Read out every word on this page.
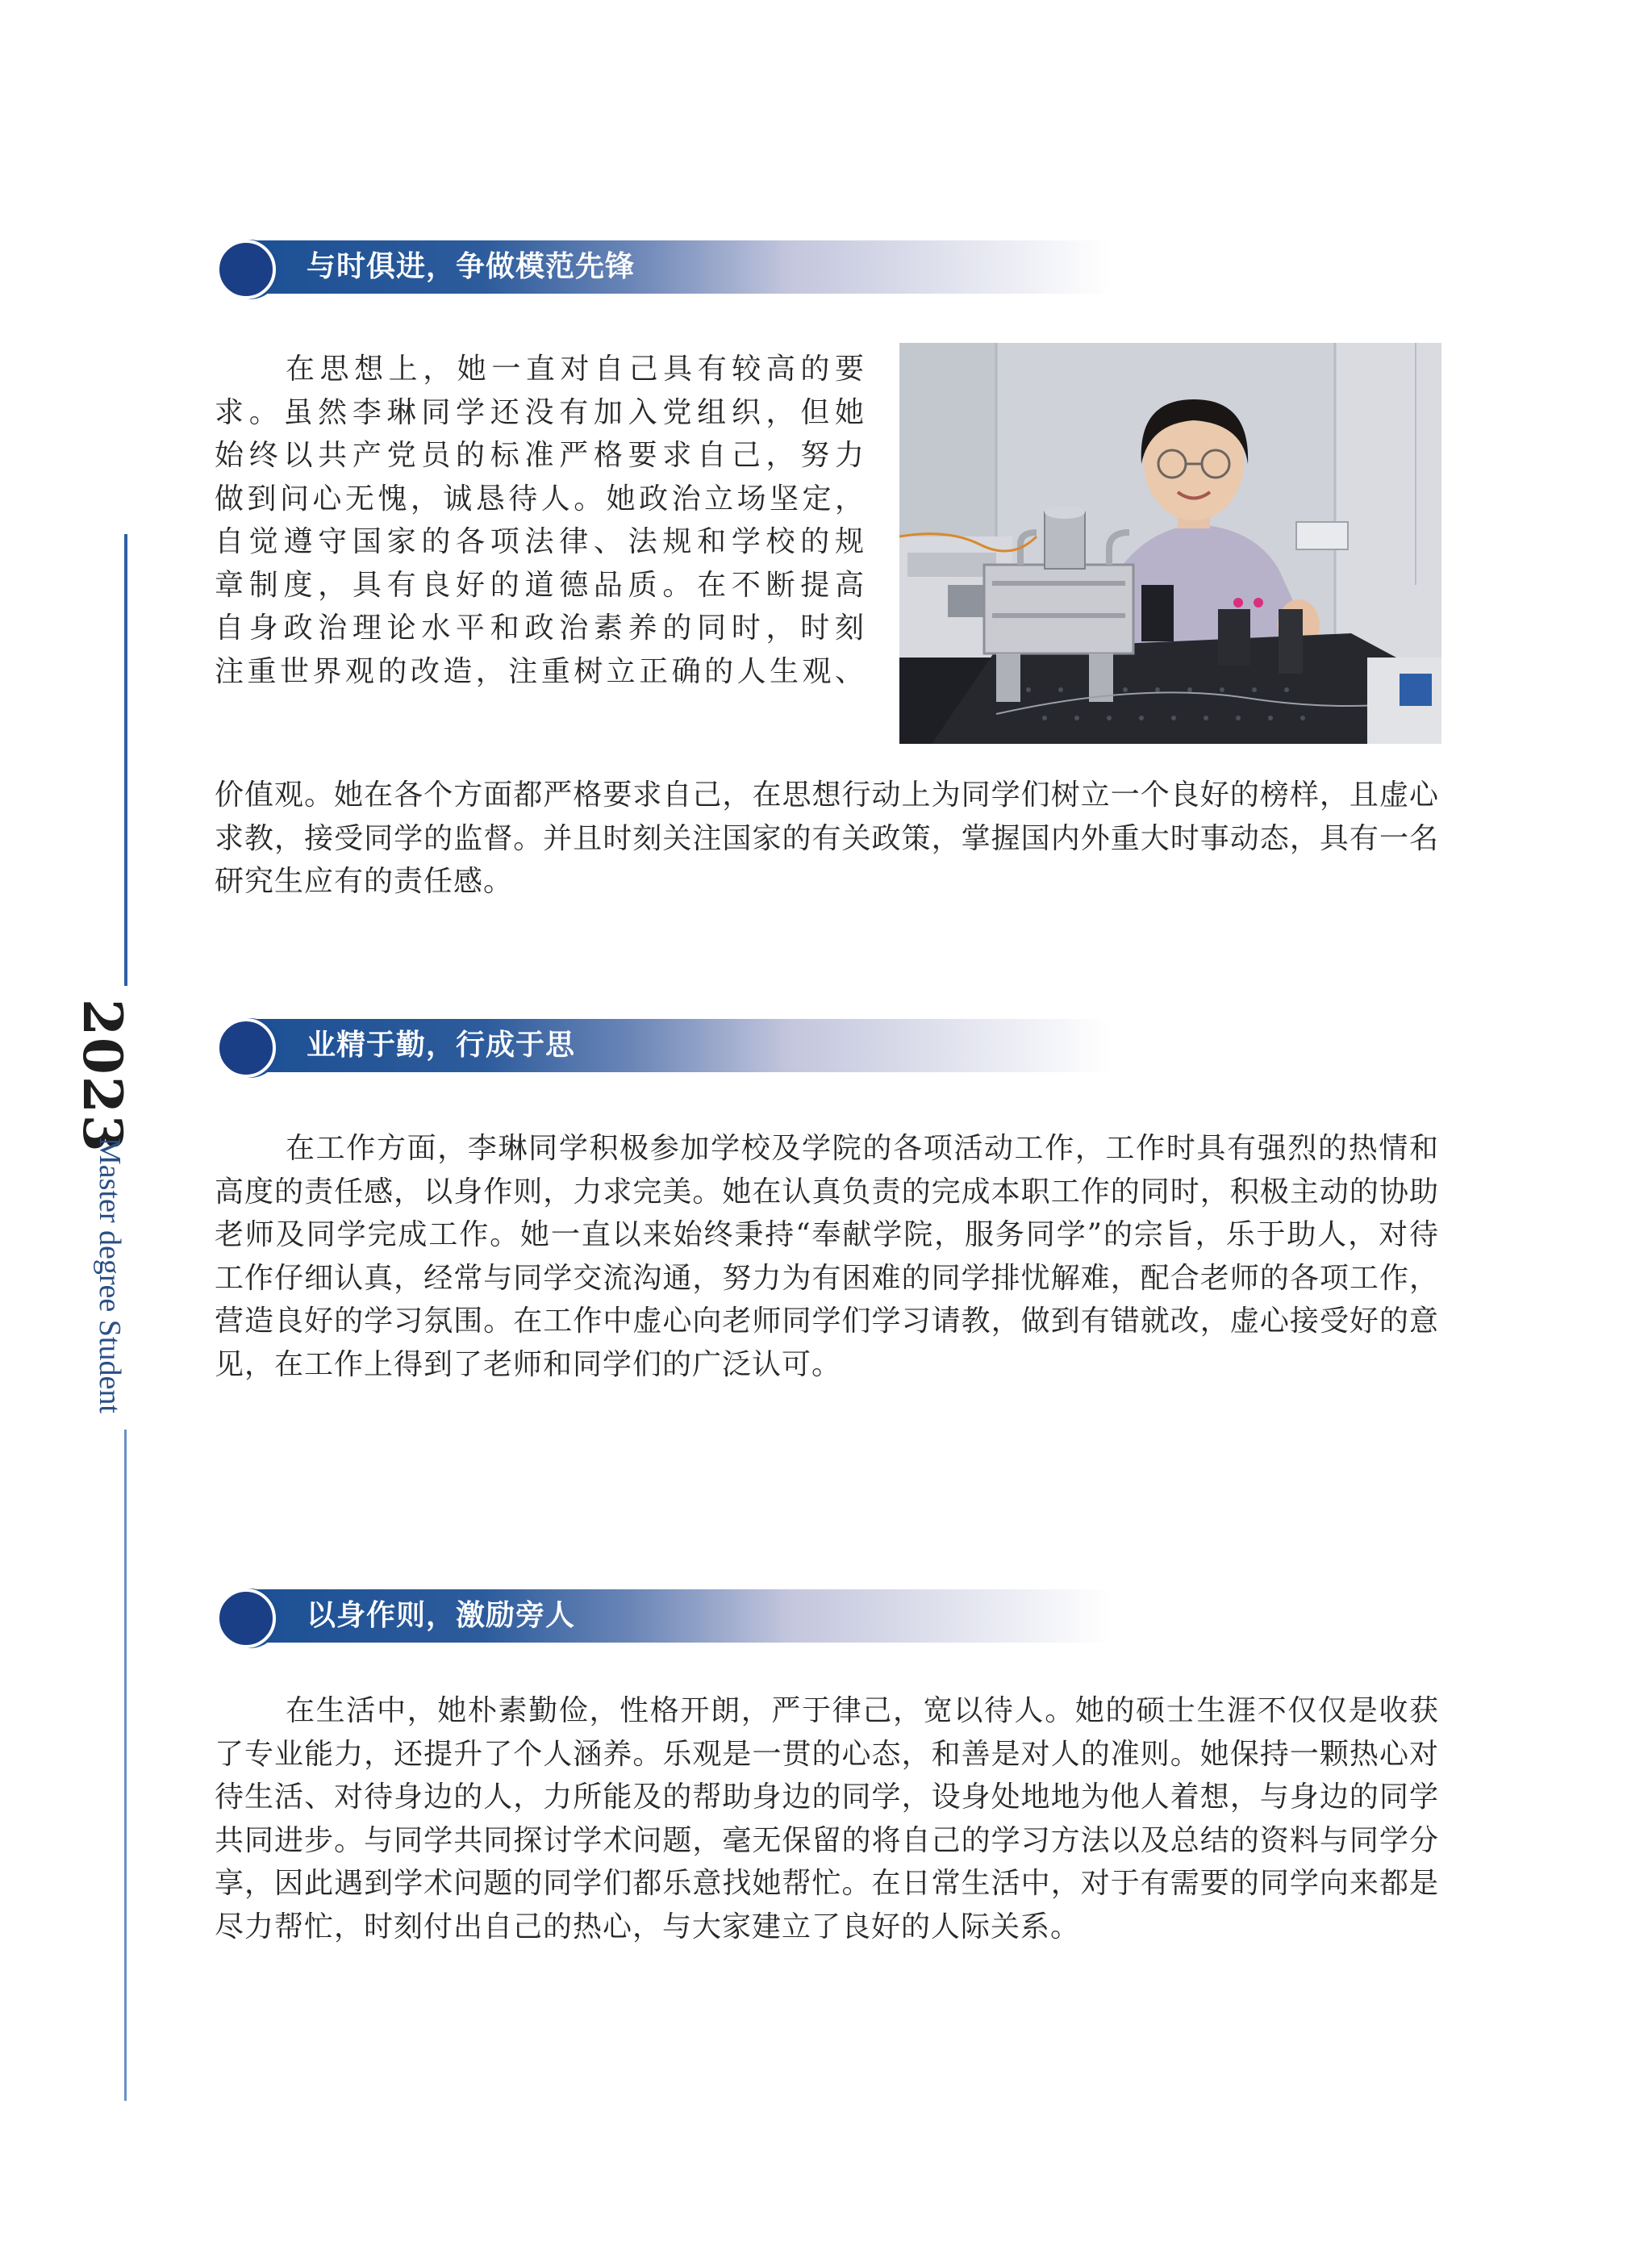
2023
Master degree Student
与时俱进，争做模范先锋
在思想上，她一直对自己具有较高的要
求。虽然李琳同学还没有加入党组织，但她
始终以共产党员的标准严格要求自己，努力
做到问心无愧，诚恳待人。她政治立场坚定，
自觉遵守国家的各项法律、法规和学校的规
章制度，具有良好的道德品质。在不断提高
自身政治理论水平和政治素养的同时，时刻
注重世界观的改造，注重树立正确的人生观、
价值观。她在各个方面都严格要求自己，在思想行动上为同学们树立一个良好的榜样，且虚心求教，接受同学的监督。并且时刻关注国家的有关政策，掌握国内外重大时事动态，具有一名研究生应有的责任感。
业精于勤，行成于思
在工作方面，李琳同学积极参加学校及学院的各项活动工作，工作时具有强烈的热情和高度的责任感，以身作则，力求完美。她在认真负责的完成本职工作的同时，积极主动的协助老师及同学完成工作。她一直以来始终秉持“奉献学院，服务同学”的宗旨，乐于助人，对待工作仔细认真，经常与同学交流沟通，努力为有困难的同学排忧解难，配合老师的各项工作，营造良好的学习氛围。在工作中虚心向老师同学们学习请教，做到有错就改，虚心接受好的意见，在工作上得到了老师和同学们的广泛认可。
以身作则，激励旁人
在生活中，她朴素勤俭，性格开朗，严于律己，宽以待人。她的硕士生涯不仅仅是收获了专业能力，还提升了个人涵养。乐观是一贯的心态，和善是对人的准则。她保持一颗热心对待生活、对待身边的人，力所能及的帮助身边的同学，设身处地地为他人着想，与身边的同学共同进步。与同学共同探讨学术问题，毫无保留的将自己的学习方法以及总结的资料与同学分享，因此遇到学术问题的同学们都乐意找她帮忙。在日常生活中，对于有需要的同学向来都是尽力帮忙，时刻付出自己的热心，与大家建立了良好的人际关系。
